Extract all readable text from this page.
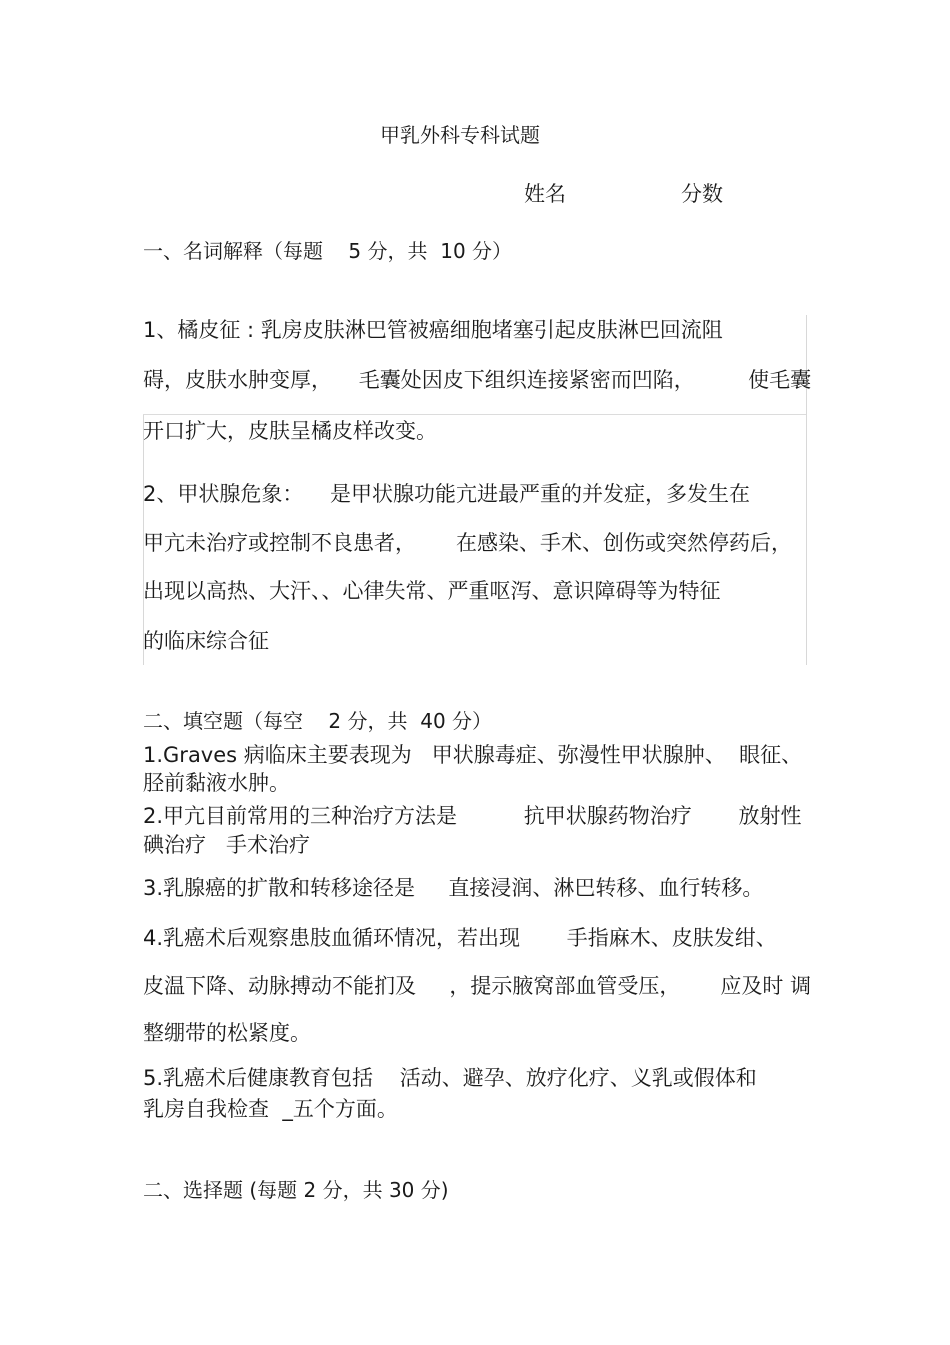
甲乳外科专科试题
姓名	分数
一、名词解释（每题    5 分，共  10 分）
1、橘皮征 : 乳房皮肤淋巴管被癌细胞堵塞引起皮肤淋巴回流阻
碍，皮肤水肿变厚，    毛囊处因皮下组织连接紧密而凹陷，        使毛囊
开口扩大，皮肤呈橘皮样改变。
2、甲状腺危象：    是甲状腺功能亢进最严重的并发症，多发生在
甲亢未治疗或控制不良患者，      在感染、手术、创伤或突然停药后，
出现以高热、大汗、、心律失常、严重呕泻、意识障碍等为特征
的临床综合征
二、填空题（每空    2 分，共  40 分）
1.Graves 病临床主要表现为   甲状腺毒症、弥漫性甲状腺肿、  眼征、
胫前黏液水肿。
2.甲亢目前常用的三种治疗方法是          抗甲状腺药物治疗       放射性
碘治疗   手术治疗
3.乳腺癌的扩散和转移途径是     直接浸润、淋巴转移、血行转移。
4.乳癌术后观察患肢血循环情况，若出现       手指麻木、皮肤发绀、
皮温下降、动脉搏动不能扪及     ，提示腋窝部血管受压，      应及时 调
整绷带的松紧度。
5.乳癌术后健康教育包括    活动、避孕、放疗化疗、义乳或假体和
乳房自我检查  _五个方面。
二、选择题 (每题 2 分，共 30 分)
